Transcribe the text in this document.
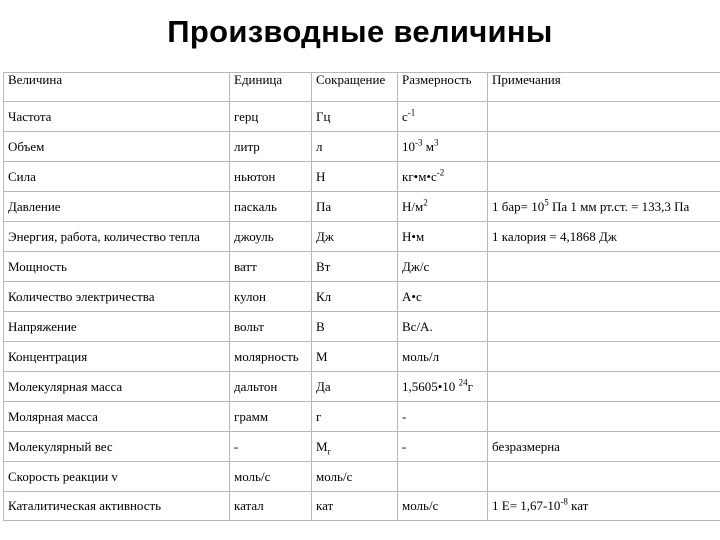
Производные величины
Величина	Единица	Сокращение	Размерность	Примечания
Частота	герц	Гц	$с^{-1}$	
Объем	литр	л	$10^{-3}$ $м^3$	
Сила	ньютон	Н	$кг•м•с^{-2}$	
Давление	паскаль	Па	$Н/м^2$	1 $бар= 10^5$ Па 1 мм рт.ст. = 133,3 Па
Энергия, работа, количество тепла	джоуль	Дж	Н•м	1 калория = 4,1868 Дж
Мощность	ватт	Вт	Дж/с	
Количество электричества	кулон	Кл	А•с	
Напряжение	вольт	В	Вс/А.	
Концентрация	молярность	М	моль/л	
Молекулярная масса	дальтон	Да	1,5605•10 $^{24}$г	
Молярная масса	грамм	г	-	
Молекулярный вес	-	$M_r$	-	безразмерна
Скорость реакции v	моль/с	моль/с		
Каталитическая активность	катал	кат	моль/с	1 $Е= 1,67-10^{-8}$ кат
